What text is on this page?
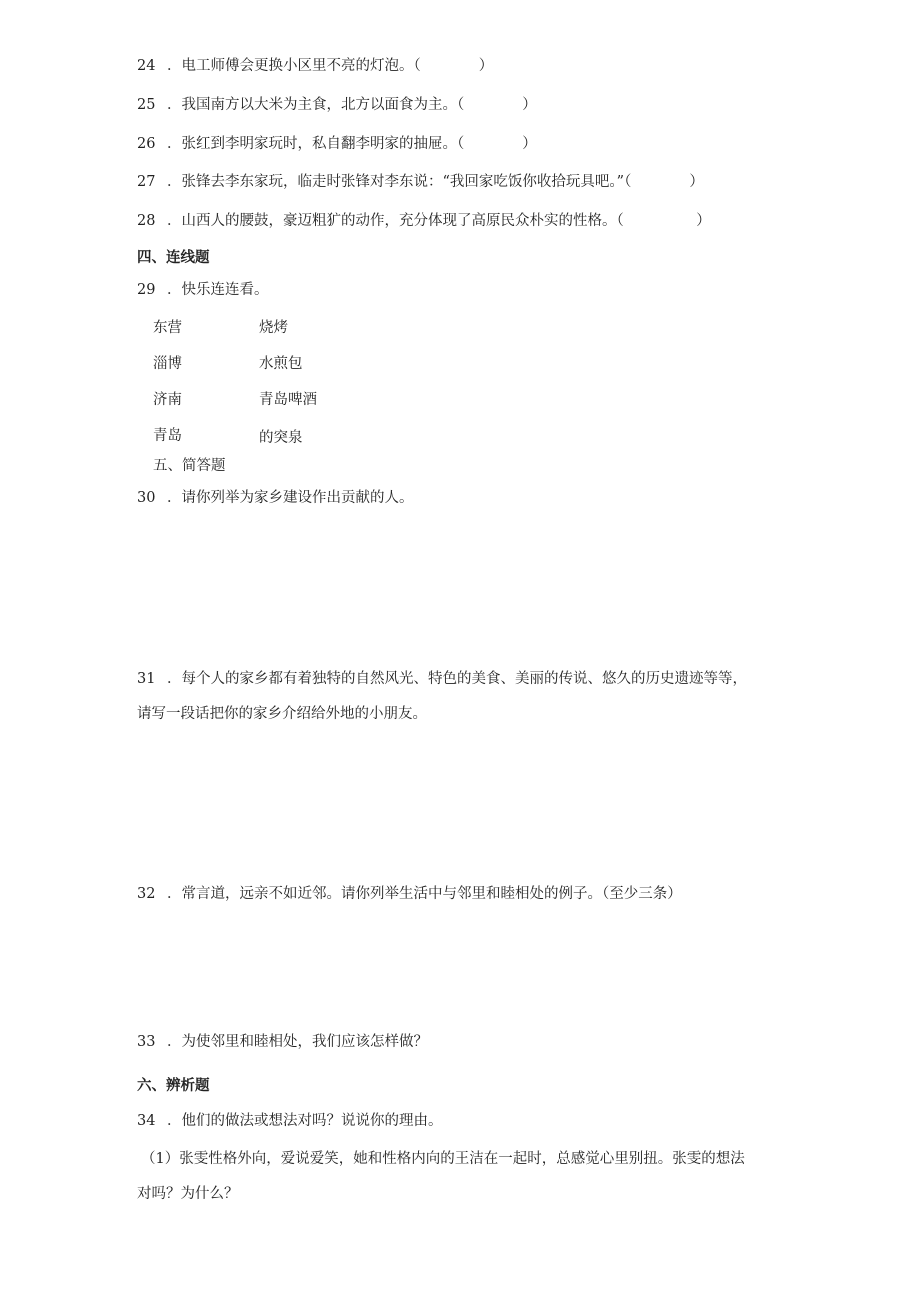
24 ．电工师傅会更换小区里不亮的灯泡。（　　　　）
25 ．我国南方以大米为主食，北方以面食为主。（　　　　）
26 ．张红到李明家玩时，私自翻李明家的抽屉。（　　　　）
27 ．张锋去李东家玩，临走时张锋对李东说：“我回家吃饭你收拾玩具吧。”（　　　　）
28 ．山西人的腰鼓，豪迈粗犷的动作，充分体现了高原民众朴实的性格。（　　　　　）
四、连线题
29 ．快乐连连看。
东营	烧烤
淄博	水煎包
济南	青岛啤酒
青岛	的突泉
五、简答题
30 ．请你列举为家乡建设作出贡献的人。
31 ．每个人的家乡都有着独特的自然风光、特色的美食、美丽的传说、悠久的历史遗迹等等，
请写一段话把你的家乡介绍给外地的小朋友。
32 ．常言道，远亲不如近邻。请你列举生活中与邻里和睦相处的例子。（至少三条）
33 ．为使邻里和睦相处，我们应该怎样做？
六、辨析题
34 ．他们的做法或想法对吗？说说你的理由。
（1）张雯性格外向，爱说爱笑，她和性格内向的王洁在一起时，总感觉心里别扭。张雯的想法
对吗？为什么？
